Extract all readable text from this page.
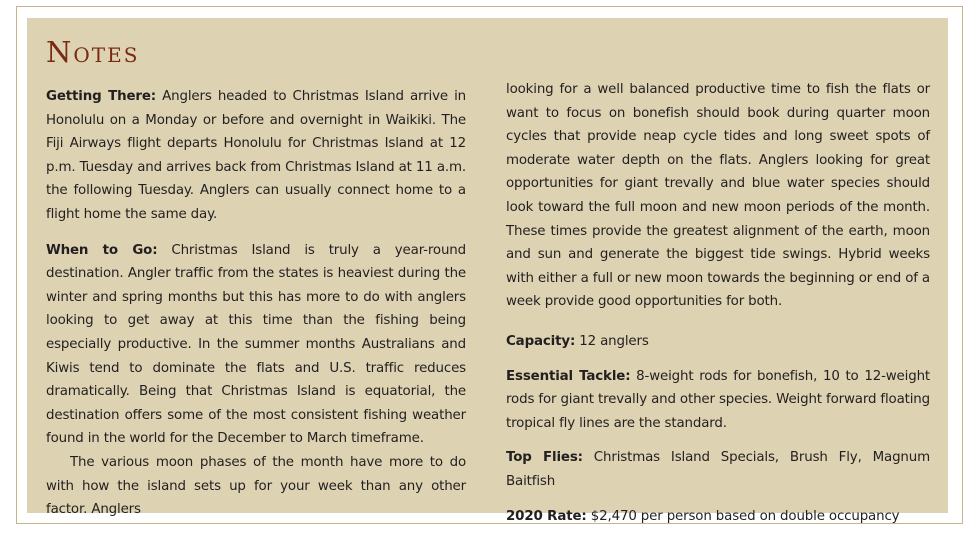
Notes

Getting There: Anglers headed to Christmas Island arrive in Honolulu on a Monday or before and overnight in Waikiki. The Fiji Airways flight departs Honolulu for Christmas Island at 12 p.m. Tuesday and arrives back from Christmas Island at 11 a.m. the following Tuesday. Anglers can usually connect home to a flight home the same day.

When to Go: Christmas Island is truly a year-round destination. Angler traffic from the states is heaviest during the winter and spring months but this has more to do with anglers looking to get away at this time than the fishing being especially productive. In the summer months Australians and Kiwis tend to dominate the flats and U.S. traffic reduces dramatically. Being that Christmas Island is equatorial, the destination offers some of the most consistent fishing weather found in the world for the December to March timeframe.

The various moon phases of the month have more to do with how the island sets up for your week than any other factor. Anglers

looking for a well balanced productive time to fish the flats or want to focus on bonefish should book during quarter moon cycles that provide neap cycle tides and long sweet spots of moderate water depth on the flats. Anglers looking for great opportunities for giant trevally and blue water species should look toward the full moon and new moon periods of the month. These times provide the greatest alignment of the earth, moon and sun and generate the biggest tide swings. Hybrid weeks with either a full or new moon towards the beginning or end of a week provide good opportunities for both.

Capacity: 12 anglers

Essential Tackle: 8-weight rods for bonefish, 10 to 12-weight rods for giant trevally and other species. Weight forward floating tropical fly lines are the standard.

Top Flies: Christmas Island Specials, Brush Fly, Magnum Baitfish

2020 Rate: $2,470 per person based on double occupancy
